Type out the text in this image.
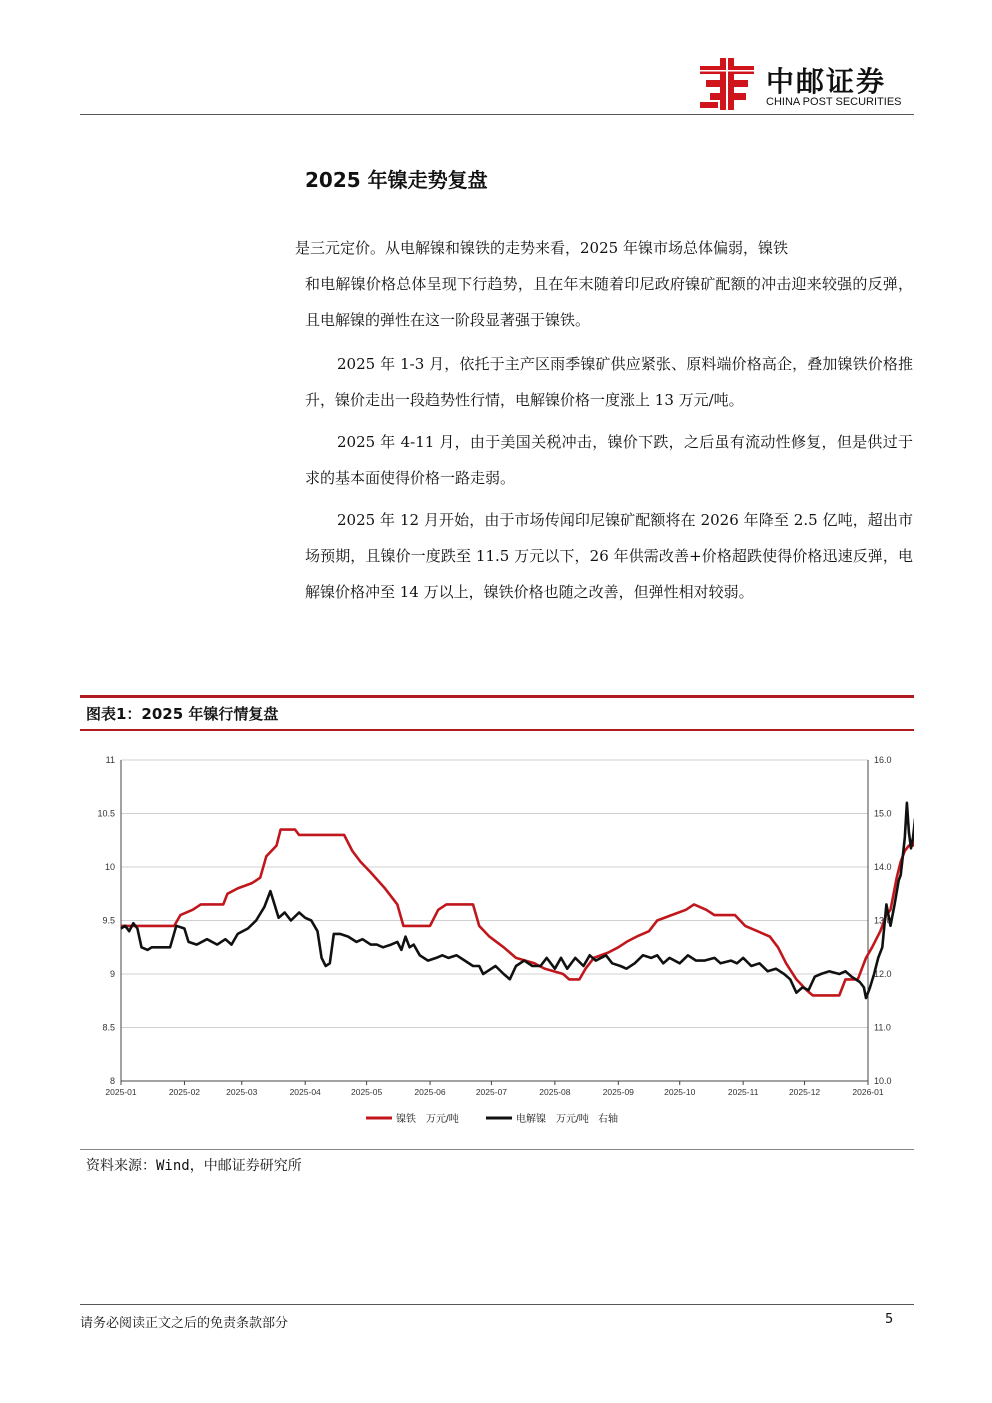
中邮证券
CHINA POST SECURITIES
2025 年镍走势复盘
是三元定价。从电解镍和镍铁的走势来看，2025 年镍市场总体偏弱，镍铁
和电解镍价格总体呈现下行趋势，且在年末随着印尼政府镍矿配额的冲击迎来较强的反弹，且电解镍的弹性在这一阶段显著强于镍铁。
2025 年 1-3 月，依托于主产区雨季镍矿供应紧张、原料端价格高企，叠加镍铁价格推升，镍价走出一段趋势性行情，电解镍价格一度涨上 13 万元/吨。
2025 年 4-11 月，由于美国关税冲击，镍价下跌，之后虽有流动性修复，但是供过于求的基本面使得价格一路走弱。
2025 年 12 月开始，由于市场传闻印尼镍矿配额将在 2026 年降至 2.5 亿吨，超出市场预期，且镍价一度跌至 11.5 万元以下，26 年供需改善+价格超跌使得价格迅速反弹，电解镍价格冲至 14 万以上，镍铁价格也随之改善，但弹性相对较弱。
图表1：2025 年镍行情复盘
8
8.5
9
9.5
10
10.5
11
10.0
11.0
12.0
13.0
14.0
15.0
16.0
2025-01	2025-02	2025-03	2025-04	2025-05	2025-06	2025-07	2025-08	2025-09	2025-10	2025-11	2025-12	2026-01
镍铁　万元/吨	电解镍　万元/吨 右轴
资料来源：Wind，中邮证券研究所
请务必阅读正文之后的免责条款部分	5
